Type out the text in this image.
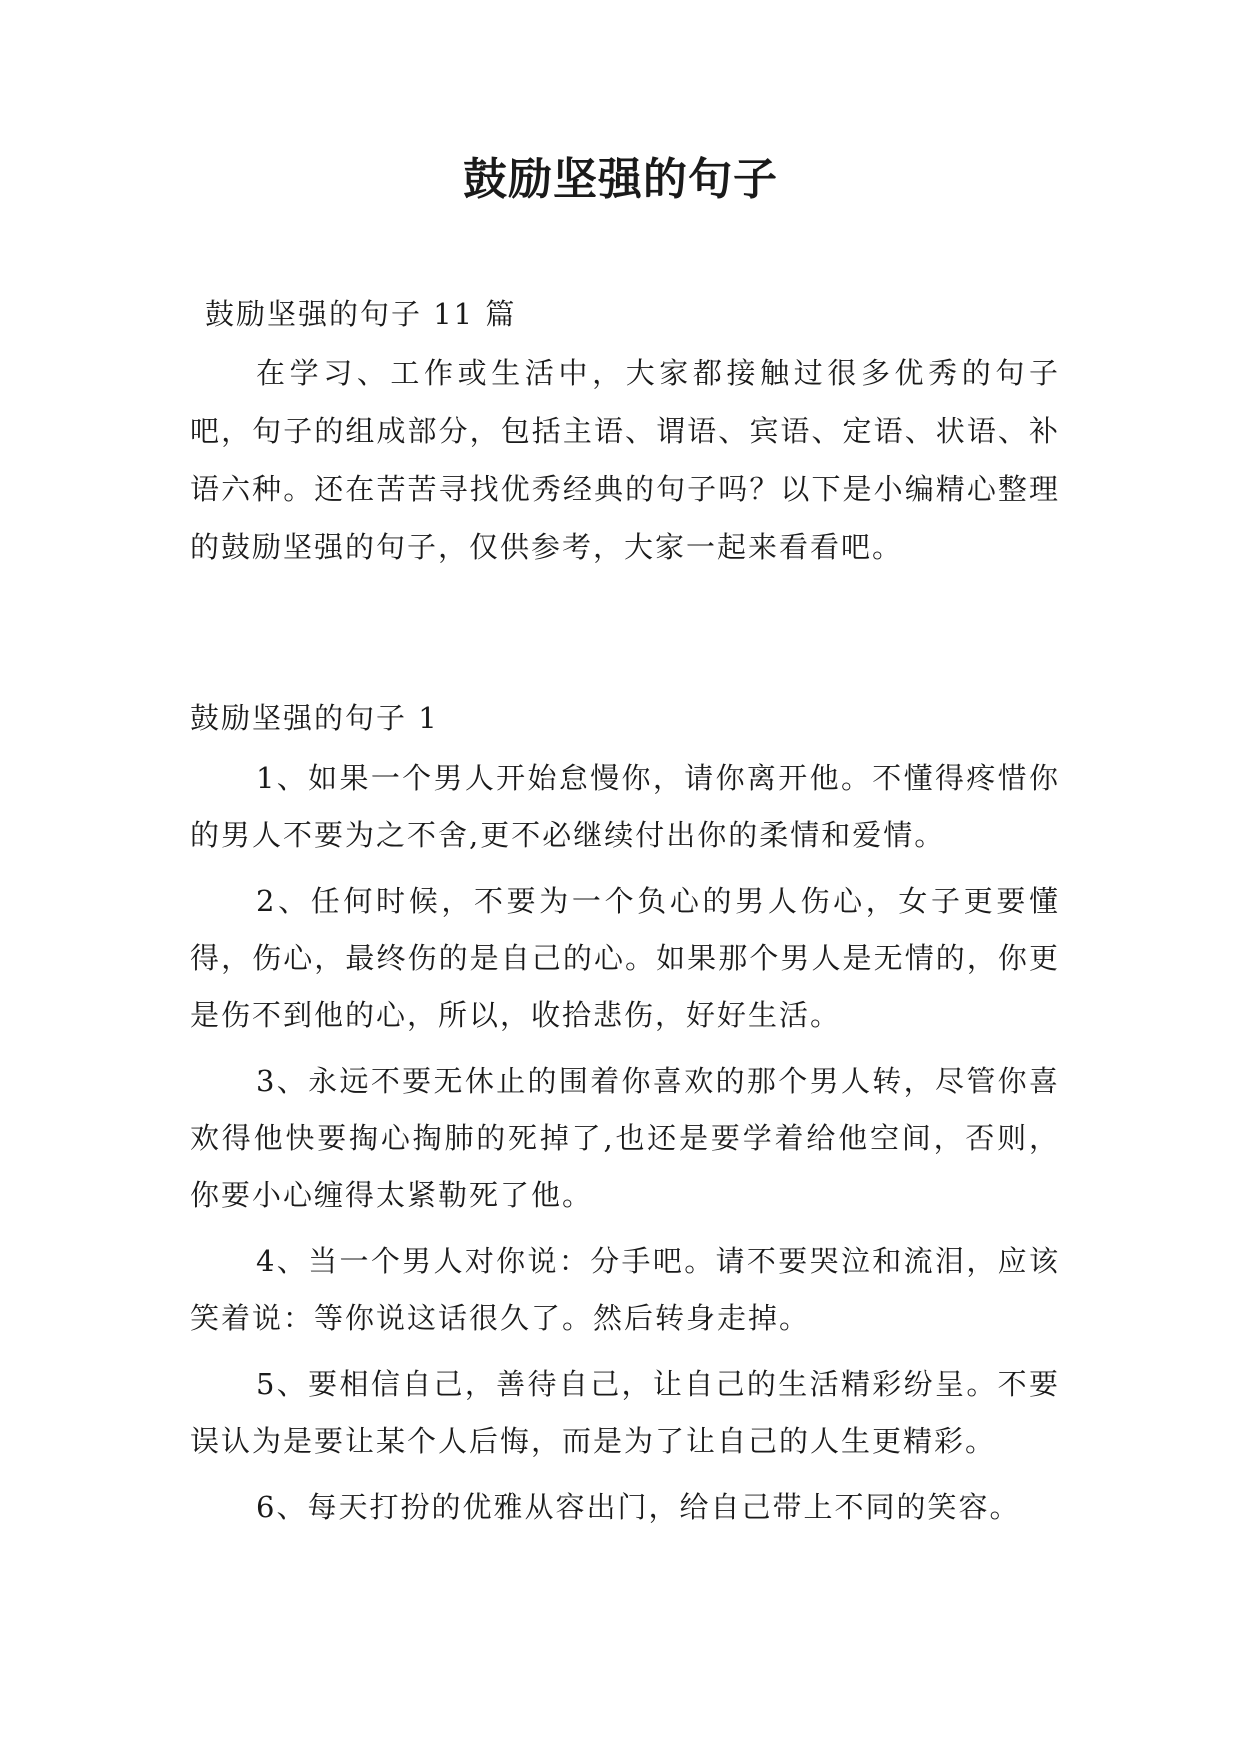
鼓励坚强的句子
鼓励坚强的句子 11 篇

在学习、工作或生活中，大家都接触过很多优秀的句子吧，句子的组成部分，包括主语、谓语、宾语、定语、状语、补语六种。还在苦苦寻找优秀经典的句子吗？以下是小编精心整理的鼓励坚强的句子，仅供参考，大家一起来看看吧。

鼓励坚强的句子 1

1、如果一个男人开始怠慢你，请你离开他。不懂得疼惜你的男人不要为之不舍,更不必继续付出你的柔情和爱情。

2、任何时候，不要为一个负心的男人伤心，女子更要懂得，伤心，最终伤的是自己的心。如果那个男人是无情的，你更是伤不到他的心，所以，收拾悲伤，好好生活。

3、永远不要无休止的围着你喜欢的那个男人转，尽管你喜欢得他快要掏心掏肺的死掉了,也还是要学着给他空间，否则，你要小心缠得太紧勒死了他。

4、当一个男人对你说：分手吧。请不要哭泣和流泪，应该笑着说：等你说这话很久了。然后转身走掉。

5、要相信自己，善待自己，让自己的生活精彩纷呈。不要误认为是要让某个人后悔，而是为了让自己的人生更精彩。

6、每天打扮的优雅从容出门，给自己带上不同的笑容。
